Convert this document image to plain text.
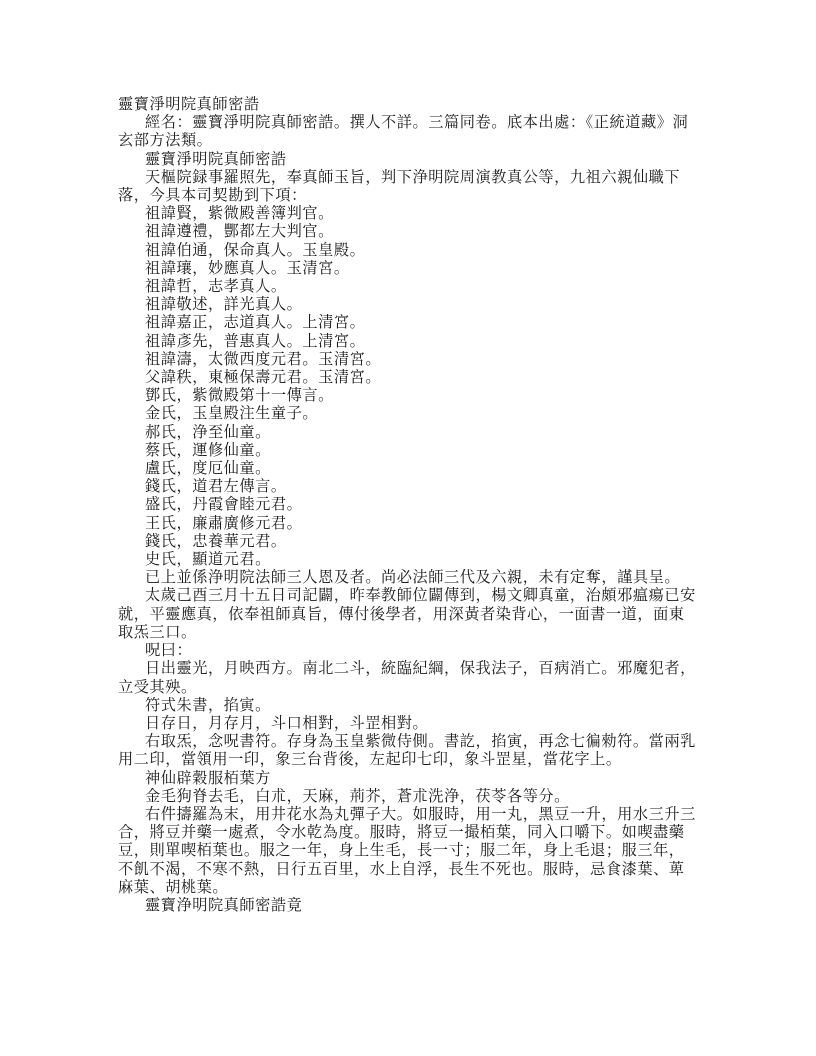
靈寶淨明院真師密誥

經名：靈寶淨明院真師密誥。撰人不詳。三篇同卷。底本出處：《正統道藏》洞玄部方法類。

靈寶淨明院真師密誥

天樞院録事羅照先，奉真師玉旨，判下浄明院周演教真公等，九祖六親仙職下落，今具本司契勘到下項：

祖諱賢，紫微殿善簿判官。

祖諱遵禮，酆都左大判官。

祖諱伯通，保命真人。玉皇殿。

祖諱瓖，妙應真人。玉清宮。

祖諱哲，志孝真人。

祖諱敬述，詳光真人。

祖諱嘉正，志道真人。上清宮。

祖諱彥先，普惠真人。上清宮。

祖諱濤，太微西度元君。玉清宮。

父諱秩，東極保壽元君。玉清宮。

鄧氏，紫微殿第十一傳言。

金氏，玉皇殿注生童子。

郝氏，浄至仙童。

蔡氏，運修仙童。

盧氏，度厄仙童。

錢氏，道君左傳言。

盛氏，丹霞會睦元君。

王氏，廉肅廣修元君。

錢氏，忠養華元君。

史氏，顯道元君。

已上並係浄明院法師三人恩及者。尚必法師三代及六親，未有定奪，謹具呈。

太歲己酉三月十五日司記闢，昨奉教師位闢傳到，楊文卿真童，治頗邪瘟瘍已安就，平靈應真，依奉祖師真旨，傳付後學者，用深黃者染背心，一面書一道，面東取炁三口。

呪曰：

日出靈光，月映西方。南北二斗，統臨紀綱，保我法子，百病消亡。邪魔犯者，立受其殃。

符式朱書，掐寅。

日存日，月存月，斗口相對，斗罡相對。

右取炁，念呪書符。存身為玉皇紫微侍側。書訖，掐寅，再念七徧勑符。當兩乳用二印，當領用一印，象三台背後，左起印七印，象斗罡星，當花字上。

神仙辟穀服栢葉方

金毛狗脊去毛，白朮，天麻，荊芥，蒼朮洗浄，茯苓各等分。

右件擣羅為末，用井花水為丸彈子大。如服時，用一丸，黑豆一升，用水三升三合，將豆并藥一處煮，令水乾為度。服時，將豆一撮栢葉，同入口嚼下。如喫盡藥豆，則單喫栢葉也。服之一年，身上生毛，長一寸；服二年，身上毛退；服三年，不飢不渴，不寒不熱，日行五百里，水上自浮，長生不死也。服時，忌食漆葉、萆麻葉、胡桃葉。

靈寶浄明院真師密誥竟
